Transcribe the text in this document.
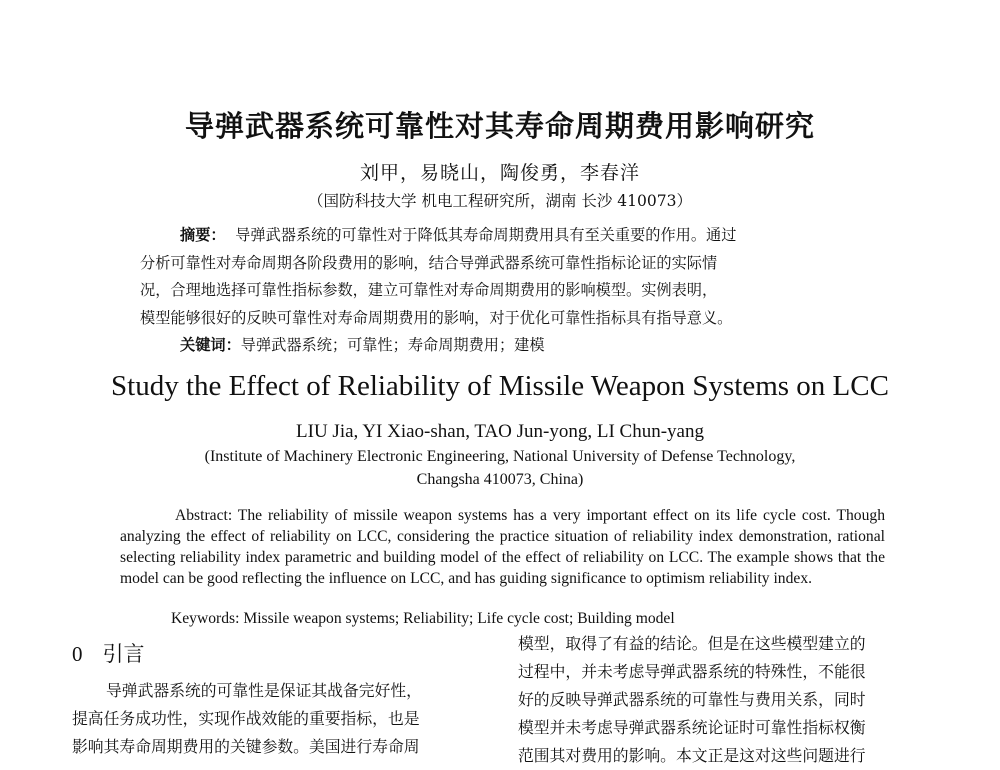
导弹武器系统可靠性对其寿命周期费用影响研究
刘甲，易晓山，陶俊勇，李春洋
（国防科技大学 机电工程研究所，湖南 长沙 410073）
摘要： 导弹武器系统的可靠性对于降低其寿命周期费用具有至关重要的作用。通过
分析可靠性对寿命周期各阶段费用的影响，结合导弹武器系统可靠性指标论证的实际情
况，合理地选择可靠性指标参数，建立可靠性对寿命周期费用的影响模型。实例表明，
模型能够很好的反映可靠性对寿命周期费用的影响，对于优化可靠性指标具有指导意义。
关键词：导弹武器系统；可靠性；寿命周期费用；建模
Study the Effect of Reliability of Missile Weapon Systems on LCC
LIU Jia, YI Xiao-shan, TAO Jun-yong, LI Chun-yang
(Institute of Machinery Electronic Engineering, National University of Defense Technology,
Changsha 410073, China)

Abstract: The reliability of missile weapon systems has a very important effect on its life cycle cost. Though analyzing the effect of reliability on LCC, considering the practice situation of reliability index demonstration, rational selecting reliability index parametric and building model of the effect of reliability on LCC. The example shows that the model can be good reflecting the influence on LCC, and has guiding significance to optimism reliability index.

Keywords: Missile weapon systems; Reliability; Life cycle cost; Building model
0 引言
导弹武器系统的可靠性是保证其战备完好性，
提高任务成功性，实现作战效能的重要指标，也是
影响其寿命周期费用的关键参数。美国进行寿命周
模型，取得了有益的结论。但是在这些模型建立的
过程中，并未考虑导弹武器系统的特殊性，不能很
好的反映导弹武器系统的可靠性与费用关系，同时
模型并未考虑导弹武器系统论证时可靠性指标权衡
范围其对费用的影响。本文正是这对这些问题进行
